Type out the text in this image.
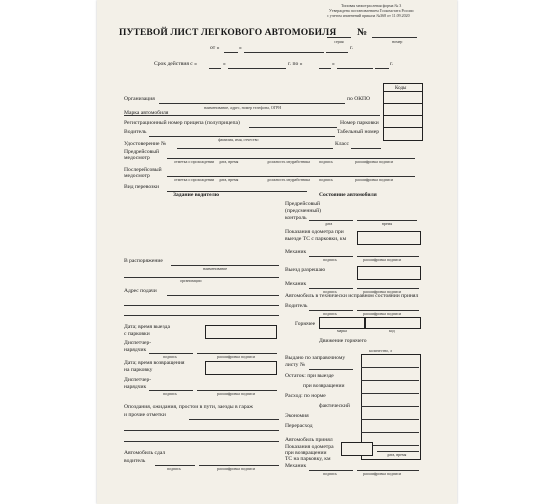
Типовая межотраслевая форма № 3
Утверждена постановлением Госкомстата России
с учетом изменений приказа №368 от 11.09.2020
ПУТЕВОЙ ЛИСТ ЛЕГКОВОГО АВТОМОБИЛЯ №
серия	номер
от «	»	г.
Срок действия с «	»	г. по «	»	г.
Коды
Организация	по ОКПО
наименование, адрес, номер телефона, ОГРН
Марка автомобиля
Регистрационный номер прицепа (полуприцепа)	Номер парковки
Водитель	Табельный номер
фамилия, имя, отчество
Удостоверение №	Класс
Предрейсовый
медосмотр
отметка о прохождении дата, время	должность медработника подпись	расшифровка подписи
Послерейсовый
медосмотр
отметка о прохождении дата, время	должность медработника подпись	расшифровка подписи
Вид перевозки
Задание водителю
В распоряжение
наименование
организации
Адрес подачи
Дата; время выезда
с парковки
Диспетчер-
нарядчик
подпись	расшифровка подписи
Дата; время возвращения
на парковку
Диспетчер-
нарядчик
подпись	расшифровка подписи
Опоздания, ожидания, простои в пути, заезды в гараж
и прочие отметки
Автомобиль сдал
водитель
подпись	расшифровка подписи
Состояние автомобиля
Предрейсовый
(предсменный)
контроль
дата	время
Показания одометра при
выезде ТС с парковки, км
Механик
подпись	расшифровка подписи
Выезд разрешаю
Механик
подпись	расшифровка подписи
Автомобиль в технически исправном состоянии принял
Водитель
подпись	расшифровка подписи
Горючее
марка	код
Движение горючего
количество, л
Выдано по заправочному
листу №
Остаток: при выезде
при возвращении
Расход: по норме
фактический
Экономия
Перерасход
Автомобиль принял
Показания одометра
при возвращении
ТС на парковку, км
дата, время
Механик
подпись	расшифровка подписи
